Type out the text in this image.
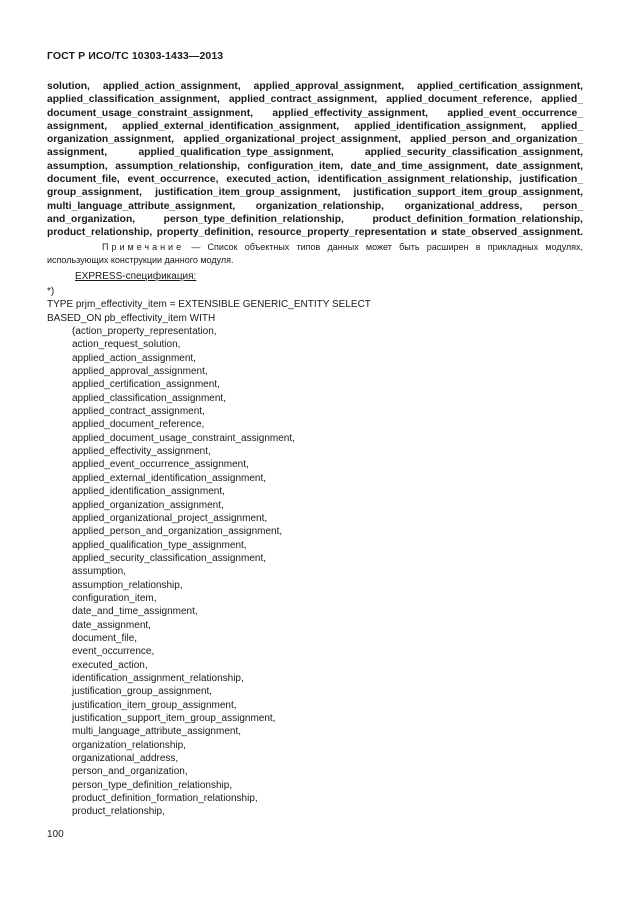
ГОСТ Р ИСО/ТС 10303-1433—2013

solution, applied_action_assignment, applied_approval_assignment, applied_certification_assignment,
applied_classification_assignment, applied_contract_assignment, applied_document_reference, applied_
document_usage_constraint_assignment, applied_effectivity_assignment, applied_event_occurrence_
assignment, applied_external_identification_assignment, applied_identification_assignment, applied_
organization_assignment, applied_organizational_project_assignment, applied_person_and_organization_
assignment, applied_qualification_type_assignment, applied_security_classification_assignment,
assumption, assumption_relationship, configuration_item, date_and_time_assignment, date_assignment,
document_file, event_occurrence, executed_action, identification_assignment_relationship, justification_
group_assignment, justification_item_group_assignment, justification_support_item_group_assignment,
multi_language_attribute_assignment, organization_relationship, organizational_address, person_
and_organization, person_type_definition_relationship, product_definition_formation_relationship,
product_relationship, property_definition, resource_property_representation и state_observed_assignment.

Примечание — Список объектных типов данных может быть расширен в прикладных модулях,
использующих конструкции данного модуля.

EXPRESS-спецификация:
*)
TYPE prjm_effectivity_item = EXTENSIBLE GENERIC_ENTITY SELECT
BASED_ON pb_effectivity_item WITH
(action_property_representation,
action_request_solution,
applied_action_assignment,
applied_approval_assignment,
applied_certification_assignment,
applied_classification_assignment,
applied_contract_assignment,
applied_document_reference,
applied_document_usage_constraint_assignment,
applied_effectivity_assignment,
applied_event_occurrence_assignment,
applied_external_identification_assignment,
applied_identification_assignment,
applied_organization_assignment,
applied_organizational_project_assignment,
applied_person_and_organization_assignment,
applied_qualification_type_assignment,
applied_security_classification_assignment,
assumption,
assumption_relationship,
configuration_item,
date_and_time_assignment,
date_assignment,
document_file,
event_occurrence,
executed_action,
identification_assignment_relationship,
justification_group_assignment,
justification_item_group_assignment,
justification_support_item_group_assignment,
multi_language_attribute_assignment,
organization_relationship,
organizational_address,
person_and_organization,
person_type_definition_relationship,
product_definition_formation_relationship,
product_relationship,
100
